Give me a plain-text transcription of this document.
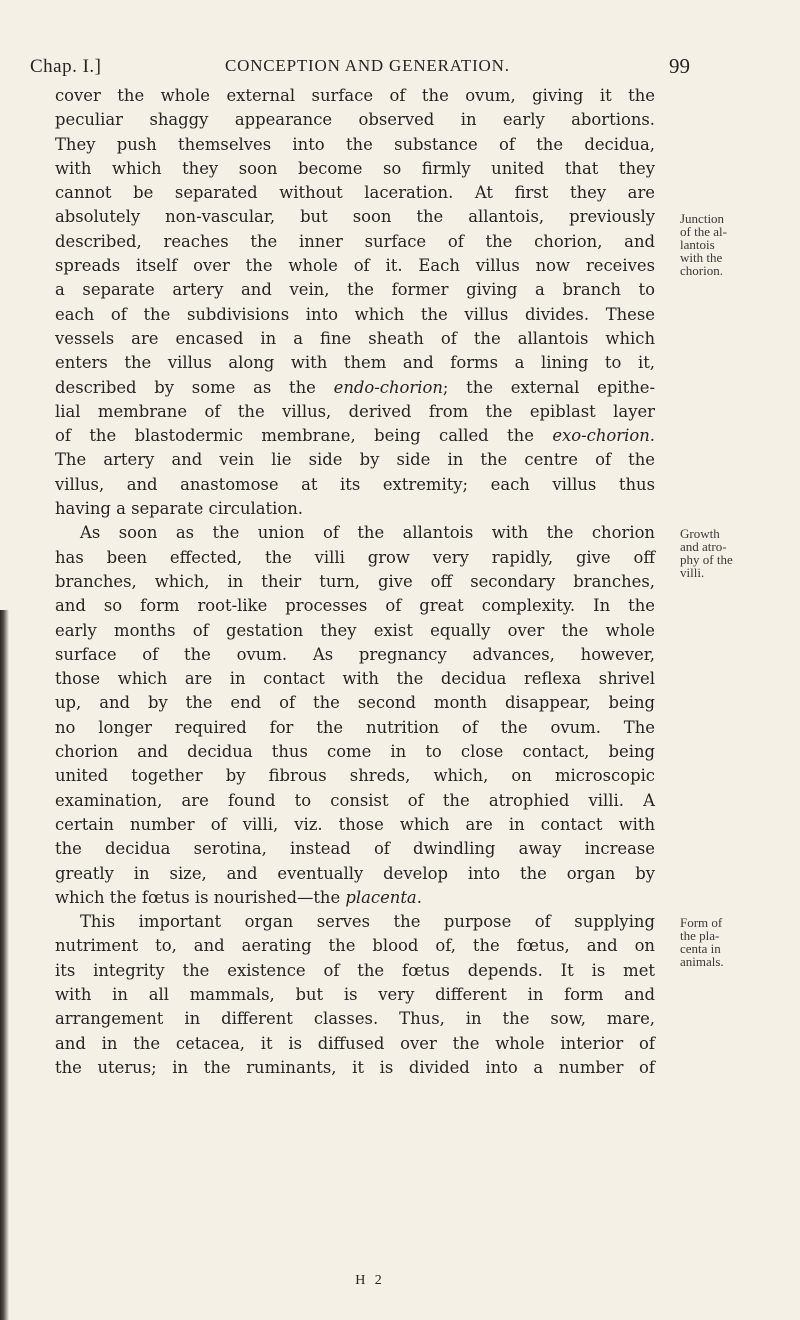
Chap. I.]	CONCEPTION AND GENERATION.	99
cover the whole external surface of the ovum, giving it the
peculiar shaggy appearance observed in early abortions.
They push themselves into the substance of the decidua,
with which they soon become so firmly united that they
cannot be separated without laceration. At first they are
absolutely non-vascular, but soon the allantois, previously
described, reaches the inner surface of the chorion, and
spreads itself over the whole of it. Each villus now receives
a separate artery and vein, the former giving a branch to
each of the subdivisions into which the villus divides. These
vessels are encased in a fine sheath of the allantois which
enters the villus along with them and forms a lining to it,
described by some as the endo-chorion; the external epithe-
lial membrane of the villus, derived from the epiblast layer
of the blastodermic membrane, being called the exo-chorion.
The artery and vein lie side by side in the centre of the
villus, and anastomose at its extremity; each villus thus
having a separate circulation.
As soon as the union of the allantois with the chorion
has been effected, the villi grow very rapidly, give off
branches, which, in their turn, give off secondary branches,
and so form root-like processes of great complexity. In the
early months of gestation they exist equally over the whole
surface of the ovum. As pregnancy advances, however,
those which are in contact with the decidua reflexa shrivel
up, and by the end of the second month disappear, being
no longer required for the nutrition of the ovum. The
chorion and decidua thus come in to close contact, being
united together by fibrous shreds, which, on microscopic
examination, are found to consist of the atrophied villi. A
certain number of villi, viz. those which are in contact with
the decidua serotina, instead of dwindling away increase
greatly in size, and eventually develop into the organ by
which the fœtus is nourished—the placenta.
This important organ serves the purpose of supplying
nutriment to, and aerating the blood of, the fœtus, and on
its integrity the existence of the fœtus depends. It is met
with in all mammals, but is very different in form and
arrangement in different classes. Thus, in the sow, mare,
and in the cetacea, it is diffused over the whole interior of
the uterus; in the ruminants, it is divided into a number of
Junction
of the al-
lantois
with the
chorion.
Growth
and atro-
phy of the
villi.
Form of
the pla-
centa in
animals.
H 2
